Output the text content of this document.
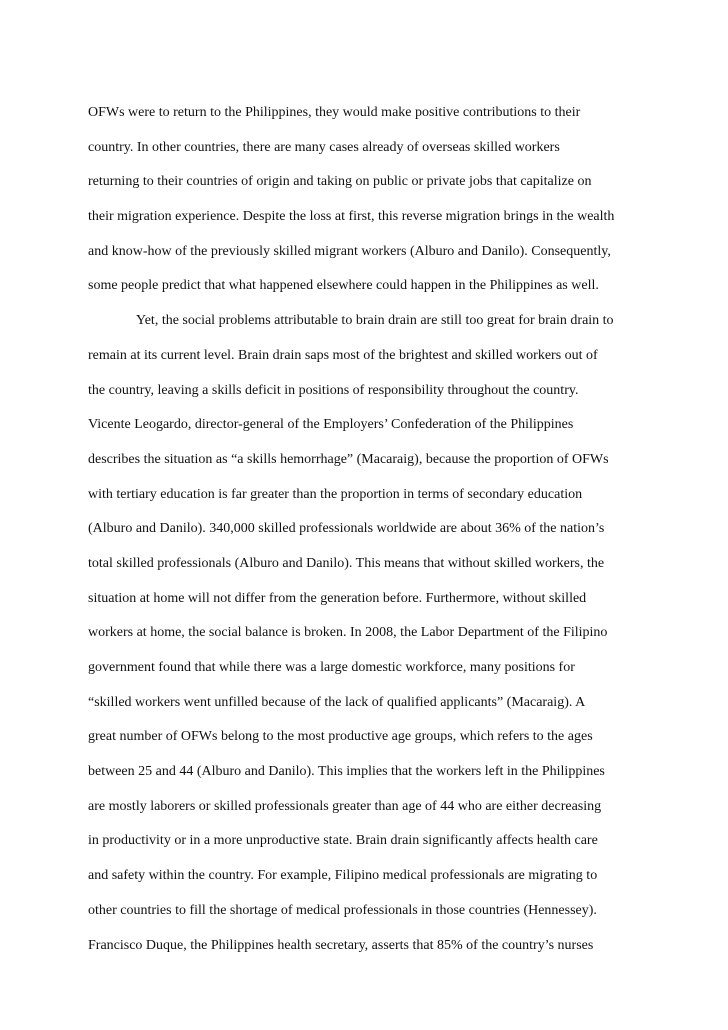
OFWs were to return to the Philippines, they would make positive contributions to their
country. In other countries, there are many cases already of overseas skilled workers
returning to their countries of origin and taking on public or private jobs that capitalize on
their migration experience. Despite the loss at first, this reverse migration brings in the wealth
and know-how of the previously skilled migrant workers (Alburo and Danilo). Consequently,
some people predict that what happened elsewhere could happen in the Philippines as well.
Yet, the social problems attributable to brain drain are still too great for brain drain to
remain at its current level. Brain drain saps most of the brightest and skilled workers out of
the country, leaving a skills deficit in positions of responsibility throughout the country.
Vicente Leogardo, director-general of the Employers’ Confederation of the Philippines
describes the situation as “a skills hemorrhage” (Macaraig), because the proportion of OFWs
with tertiary education is far greater than the proportion in terms of secondary education
(Alburo and Danilo). 340,000 skilled professionals worldwide are about 36% of the nation’s
total skilled professionals (Alburo and Danilo). This means that without skilled workers, the
situation at home will not differ from the generation before. Furthermore, without skilled
workers at home, the social balance is broken. In 2008, the Labor Department of the Filipino
government found that while there was a large domestic workforce, many positions for
“skilled workers went unfilled because of the lack of qualified applicants” (Macaraig). A
great number of OFWs belong to the most productive age groups, which refers to the ages
between 25 and 44 (Alburo and Danilo). This implies that the workers left in the Philippines
are mostly laborers or skilled professionals greater than age of 44 who are either decreasing
in productivity or in a more unproductive state. Brain drain significantly affects health care
and safety within the country. For example, Filipino medical professionals are migrating to
other countries to fill the shortage of medical professionals in those countries (Hennessey).
Francisco Duque, the Philippines health secretary, asserts that 85% of the country’s nurses
